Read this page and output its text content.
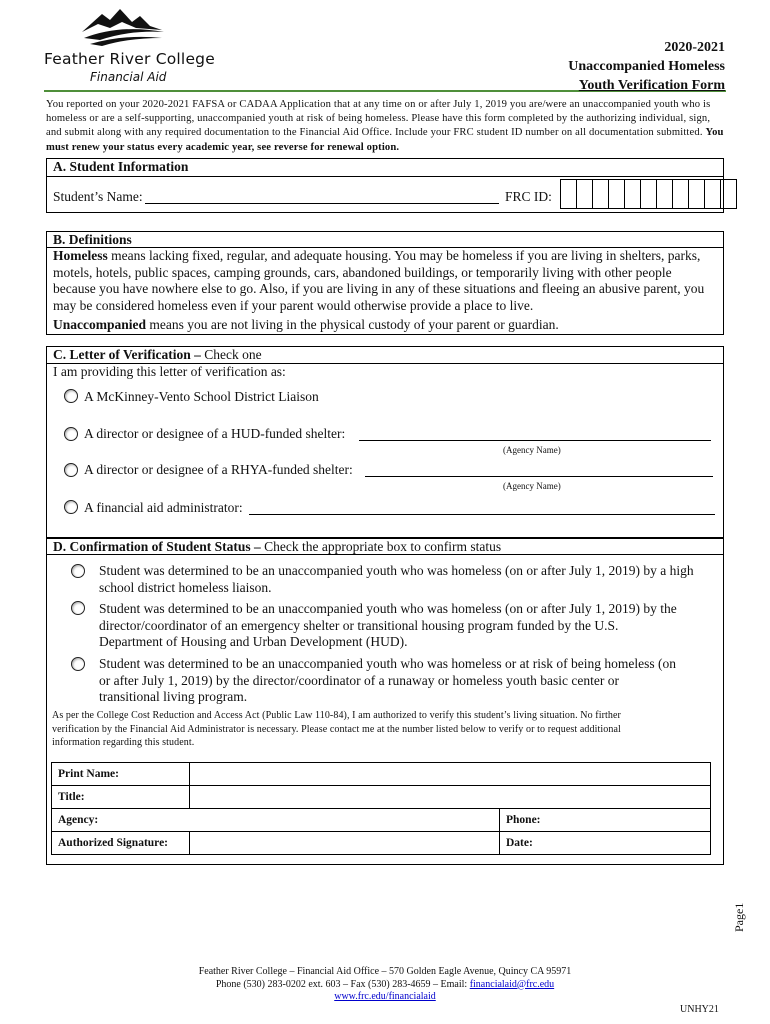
Feather River College
Financial Aid
2020-2021
Unaccompanied Homeless
Youth Verification Form
You reported on your 2020-2021 FAFSA or CADAA Application that at any time on or after July 1, 2019 you are/were an unaccompanied youth who is homeless or are a self-supporting, unaccompanied youth at risk of being homeless. Please have this form completed by the authorizing individual, sign, and submit along with any required documentation to the Financial Aid Office. Include your FRC student ID number on all documentation submitted. You must renew your status every academic year, see reverse for renewal option.
A. Student Information
Student’s Name:	FRC ID:
B. Definitions
Homeless means lacking fixed, regular, and adequate housing. You may be homeless if you are living in shelters, parks, motels, hotels, public spaces, camping grounds, cars, abandoned buildings, or temporarily living with other people because you have nowhere else to go. Also, if you are living in any of these situations and fleeing an abusive parent, you may be considered homeless even if your parent would otherwise provide a place to live.
Unaccompanied means you are not living in the physical custody of your parent or guardian.
C. Letter of Verification – Check one
I am providing this letter of verification as:
A McKinney-Vento School District Liaison
A director or designee of a HUD-funded shelter:
(Agency Name)
A director or designee of a RHYA-funded shelter:
(Agency Name)
A financial aid administrator:
D. Confirmation of Student Status – Check the appropriate box to confirm status
Student was determined to be an unaccompanied youth who was homeless (on or after July 1, 2019) by a high school district homeless liaison.
Student was determined to be an unaccompanied youth who was homeless (on or after July 1, 2019) by the director/coordinator of an emergency shelter or transitional housing program funded by the U.S. Department of Housing and Urban Development (HUD).
Student was determined to be an unaccompanied youth who was homeless or at risk of being homeless (on or after July 1, 2019) by the director/coordinator of a runaway or homeless youth basic center or transitional living program.
As per the College Cost Reduction and Access Act (Public Law 110-84), I am authorized to verify this student’s living situation. No firther verification by the Financial Aid Administrator is necessary. Please contact me at the number listed below to verify or to request additional information regarding this student.
Print Name:		
Title:		
Agency:		Phone:
Authorized Signature:		Date:
Page1
Feather River College – Financial Aid Office – 570 Golden Eagle Avenue, Quincy CA 95971
Phone (530) 283-0202 ext. 603 – Fax (530) 283-4659 – Email: financialaid@frc.edu
www.frc.edu/financialaid
UNHY21
